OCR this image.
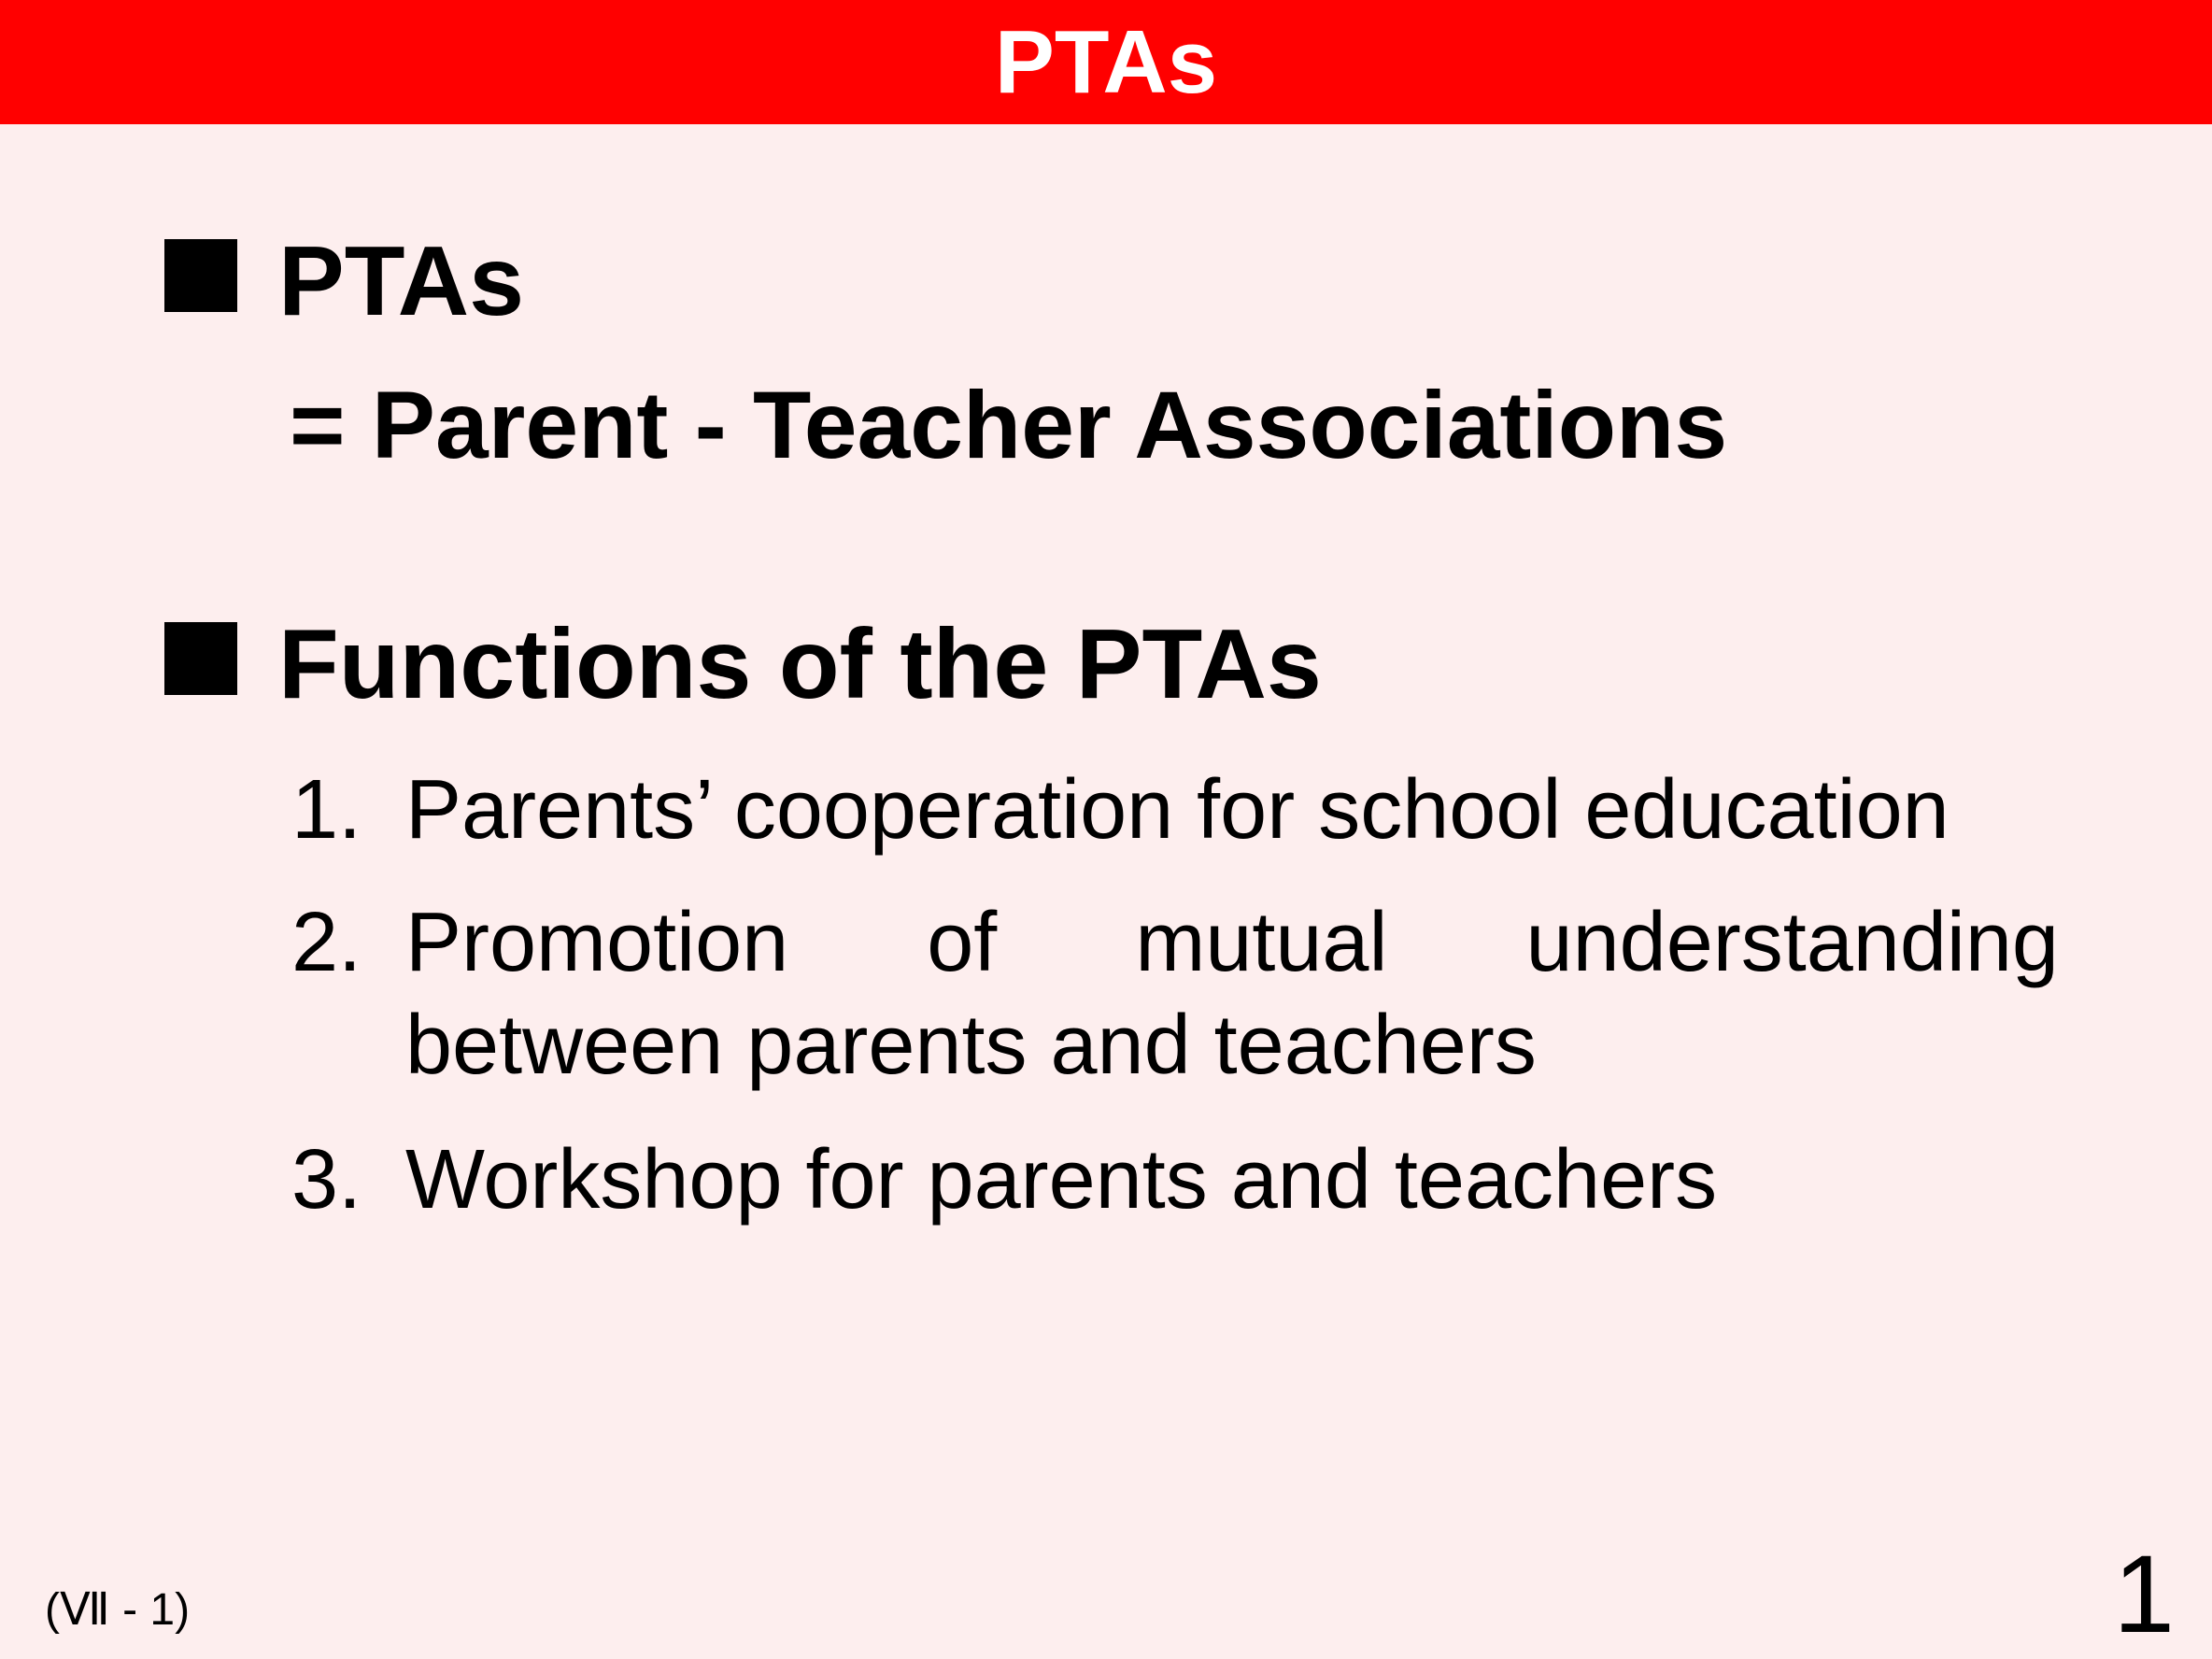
PTAs
PTAs
= Parent - Teacher Associations
Functions of the PTAs
1. Parents’ cooperation for school education
2. Promotion of mutual understanding
between parents and teachers
3. Workshop for parents and teachers
(Ⅶ - 1)	1
